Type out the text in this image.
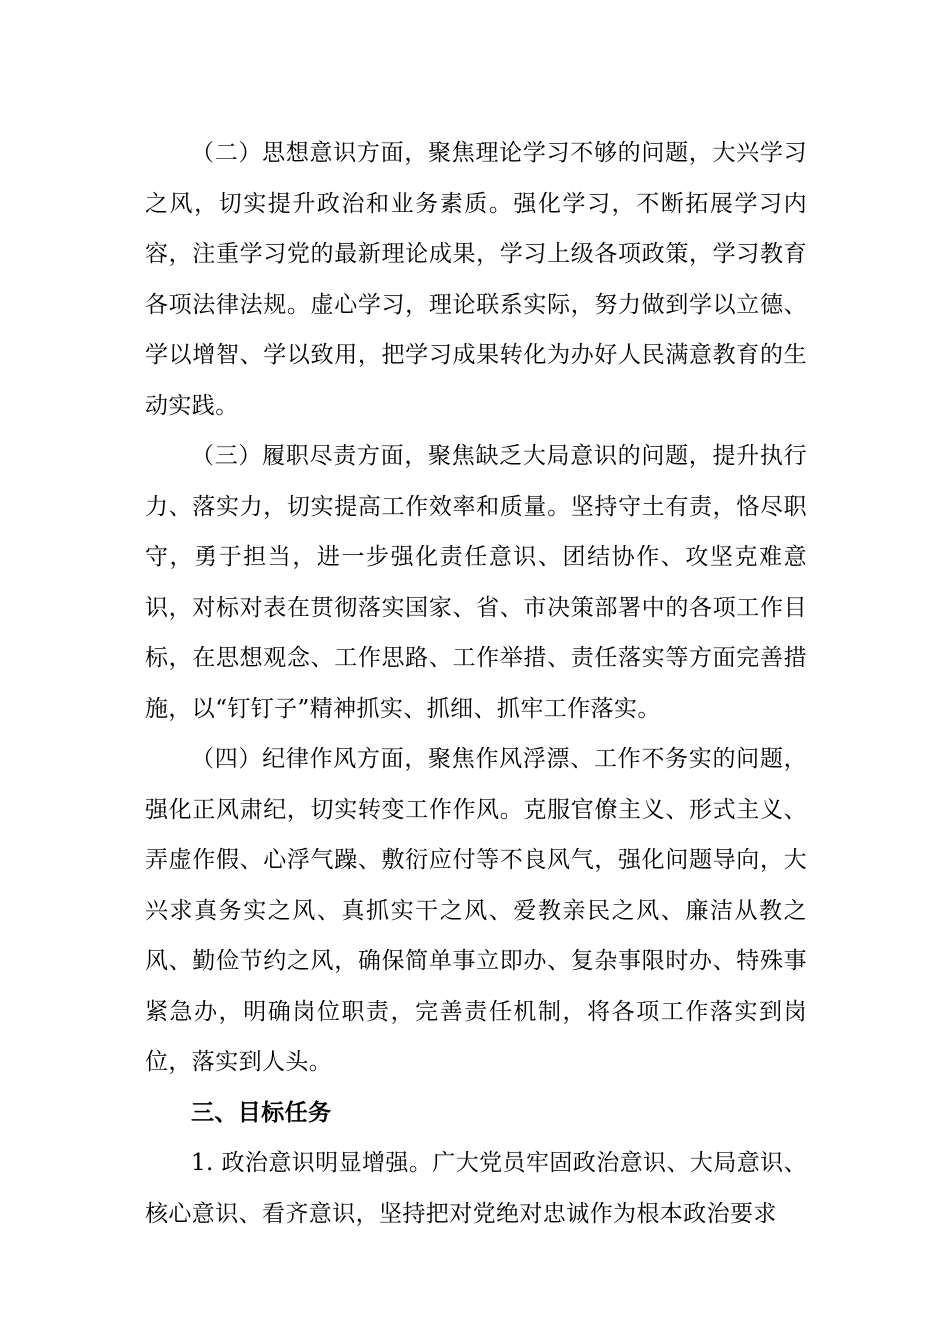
（二）思想意识方面，聚焦理论学习不够的问题，大兴学习之风，切实提升政治和业务素质。强化学习，不断拓展学习内容，注重学习党的最新理论成果，学习上级各项政策，学习教育各项法律法规。虚心学习，理论联系实际，努力做到学以立德、学以增智、学以致用，把学习成果转化为办好人民满意教育的生动实践。

（三）履职尽责方面，聚焦缺乏大局意识的问题，提升执行力、落实力，切实提高工作效率和质量。坚持守土有责，恪尽职守，勇于担当，进一步强化责任意识、团结协作、攻坚克难意识，对标对表在贯彻落实国家、省、市决策部署中的各项工作目标，在思想观念、工作思路、工作举措、责任落实等方面完善措施，以“钉钉子”精神抓实、抓细、抓牢工作落实。

（四）纪律作风方面，聚焦作风浮漂、工作不务实的问题，强化正风肃纪，切实转变工作作风。克服官僚主义、形式主义、弄虚作假、心浮气躁、敷衍应付等不良风气，强化问题导向，大兴求真务实之风、真抓实干之风、爱教亲民之风、廉洁从教之风、勤俭节约之风，确保简单事立即办、复杂事限时办、特殊事紧急办，明确岗位职责，完善责任机制，将各项工作落实到岗位，落实到人头。

三、目标任务

1. 政治意识明显增强。广大党员牢固政治意识、大局意识、核心意识、看齐意识，坚持把对党绝对忠诚作为根本政治要求
